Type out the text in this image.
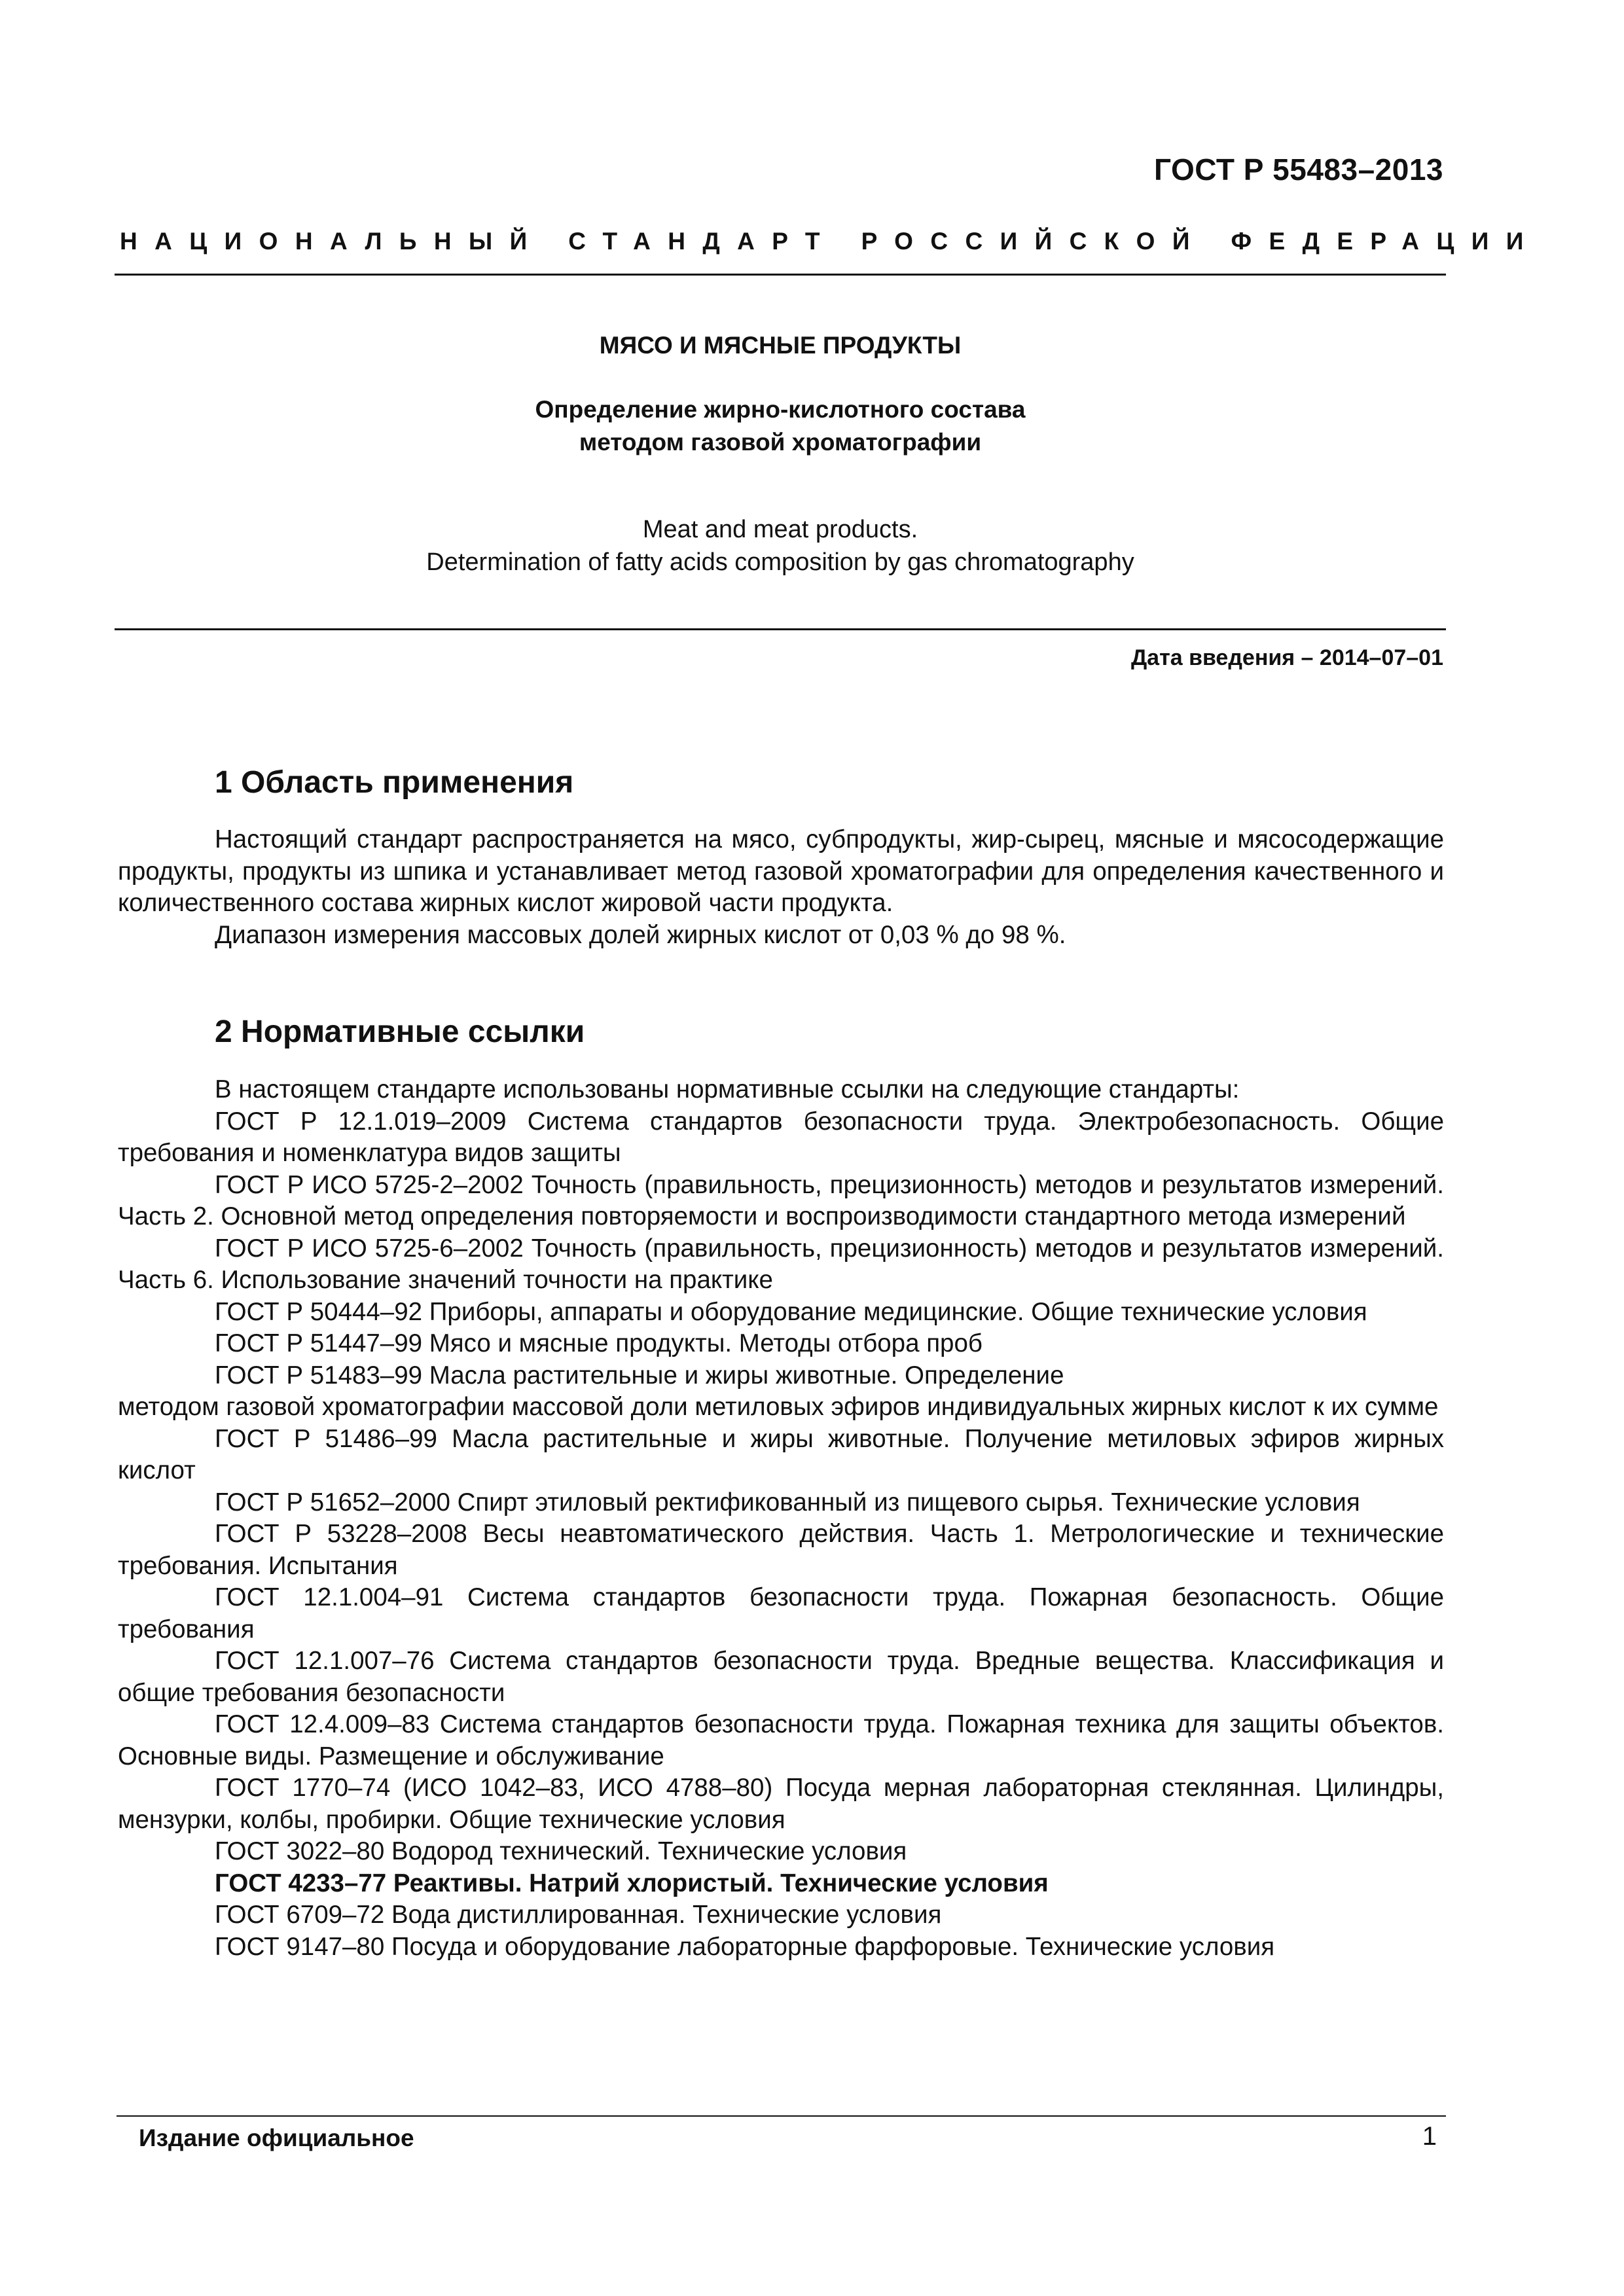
ГОСТ Р 55483–2013
НАЦИОНАЛЬНЫЙ СТАНДАРТ РОССИЙСКОЙ ФЕДЕРАЦИИ
МЯСО И МЯСНЫЕ ПРОДУКТЫ
Определение жирно-кислотного состава
методом газовой хроматографии
Meat and meat products.
Determination of fatty acids composition by gas chromatography
Дата введения – 2014–07–01
1 Область применения

Настоящий стандарт распространяется на мясо, субпродукты, жир-сырец, мясные и мясосодержащие продукты, продукты из шпика и устанавливает метод газовой хроматографии для определения качественного и количественного состава жирных кислот жировой части продукта.

Диапазон измерения массовых долей жирных кислот от 0,03 % до 98 %.

2 Нормативные ссылки

В настоящем стандарте использованы нормативные ссылки на следующие стандарты:

ГОСТ Р 12.1.019–2009 Система стандартов безопасности труда. Электробезопасность. Общие требования и номенклатура видов защиты

ГОСТ Р ИСО 5725-2–2002 Точность (правильность, прецизионность) методов и результатов измерений. Часть 2. Основной метод определения повторяемости и воспроизводимости стандартного метода измерений

ГОСТ Р ИСО 5725-6–2002 Точность (правильность, прецизионность) методов и результатов измерений. Часть 6. Использование значений точности на практике

ГОСТ Р 50444–92 Приборы, аппараты и оборудование медицинские. Общие технические условия

ГОСТ Р 51447–99 Мясо и мясные продукты. Методы отбора проб

ГОСТ Р 51483–99 Масла растительные и жиры животные. Определение

методом газовой хроматографии массовой доли метиловых эфиров индивидуальных жирных кислот к их сумме

ГОСТ Р 51486–99 Масла растительные и жиры животные. Получение метиловых эфиров жирных кислот

ГОСТ Р 51652–2000 Спирт этиловый ректификованный из пищевого сырья. Технические условия

ГОСТ Р 53228–2008 Весы неавтоматического действия. Часть 1. Метрологические и технические требования. Испытания

ГОСТ 12.1.004–91 Система стандартов безопасности труда. Пожарная безопасность. Общие требования

ГОСТ 12.1.007–76 Система стандартов безопасности труда. Вредные вещества. Классификация и общие требования безопасности

ГОСТ 12.4.009–83 Система стандартов безопасности труда. Пожарная техника для защиты объектов. Основные виды. Размещение и обслуживание

ГОСТ 1770–74 (ИСО 1042–83, ИСО 4788–80) Посуда мерная лабораторная стеклянная. Цилиндры, мензурки, колбы, пробирки. Общие технические условия

ГОСТ 3022–80 Водород технический. Технические условия

ГОСТ 4233–77 Реактивы. Натрий хлористый. Технические условия

ГОСТ 6709–72 Вода дистиллированная. Технические условия

ГОСТ 9147–80 Посуда и оборудование лабораторные фарфоровые. Технические условия

Издание официальное	1
